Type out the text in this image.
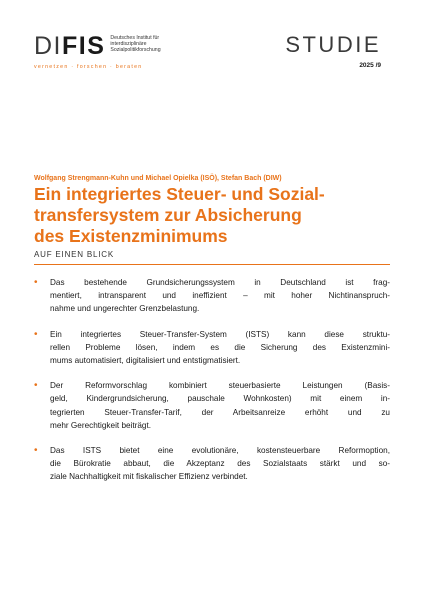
DIFIS Deutsches Institut für
interdisziplinäre
Sozialpolitikforschung
vernetzen · forschen · beraten
STUDIE
2025 /9
Wolfgang Strengmann-Kuhn und Michael Opielka (ISÖ), Stefan Bach (DIW)
Ein integriertes Steuer- und Sozial-
transfersystem zur Absicherung
des Existenzminimums
AUF EINEN BLICK
•	Das bestehende Grundsicherungssystem in Deutschland ist frag-
mentiert, intransparent und ineffizient – mit hoher Nichtinanspruch-
nahme und ungerechter Grenzbelastung.
•	Ein integriertes Steuer-Transfer-System (ISTS) kann diese struktu-
rellen Probleme lösen, indem es die Sicherung des Existenzmini-
mums automatisiert, digitalisiert und entstigmatisiert.
•	Der Reformvorschlag kombiniert steuerbasierte Leistungen (Basis-
geld, Kindergrundsicherung, pauschale Wohnkosten) mit einem in-
tegrierten Steuer-Transfer-Tarif, der Arbeitsanreize erhöht und zu
mehr Gerechtigkeit beiträgt.
•	Das ISTS bietet eine evolutionäre, kostensteuerbare Reformoption,
die Bürokratie abbaut, die Akzeptanz des Sozialstaats stärkt und so-
ziale Nachhaltigkeit mit fiskalischer Effizienz verbindet.
